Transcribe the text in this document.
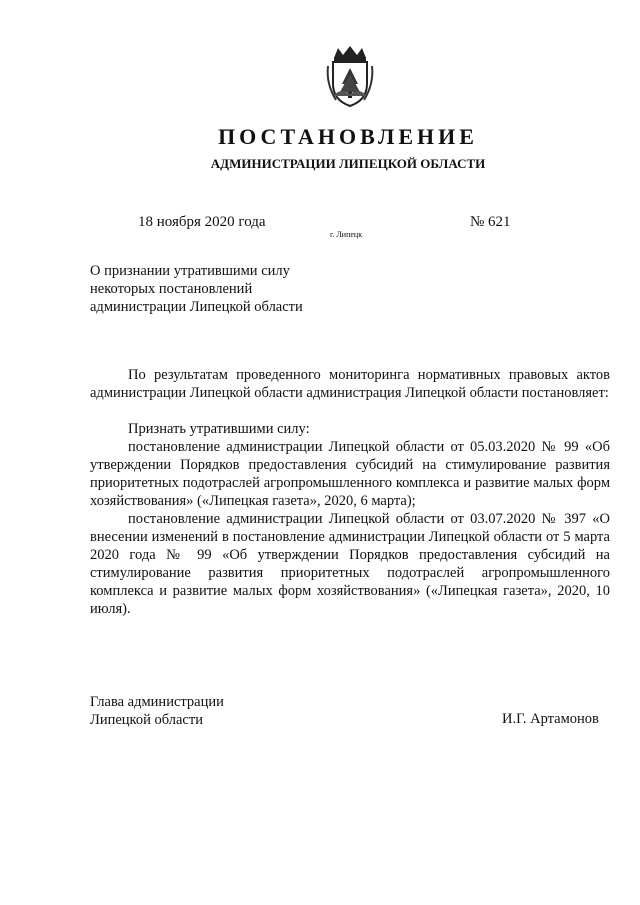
ПОСТАНОВЛЕНИЕ
АДМИНИСТРАЦИИ ЛИПЕЦКОЙ ОБЛАСТИ
18 ноября 2020 года
г. Липецк
№ 621
О признании утратившими силу
некоторых постановлений
администрации Липецкой области

По результатам проведенного мониторинга нормативных правовых актов администрации Липецкой области администрация Липецкой области постановляет:

Признать утратившими силу:

постановление администрации Липецкой области от 05.03.2020 № 99 «Об утверждении Порядков предоставления субсидий на стимулирование развития приоритетных подотраслей агропромышленного комплекса и развитие малых форм хозяйствования» («Липецкая газета», 2020, 6 марта);

постановление администрации Липецкой области от 03.07.2020 № 397 «О внесении изменений в постановление администрации Липецкой области от 5 марта 2020 года № 99 «Об утверждении Порядков предоставления субсидий на стимулирование развития приоритетных подотраслей агропромышленного комплекса и развитие малых форм хозяйствования» («Липецкая газета», 2020, 10 июля).

Глава администрации
Липецкой области	И.Г. Артамонов
